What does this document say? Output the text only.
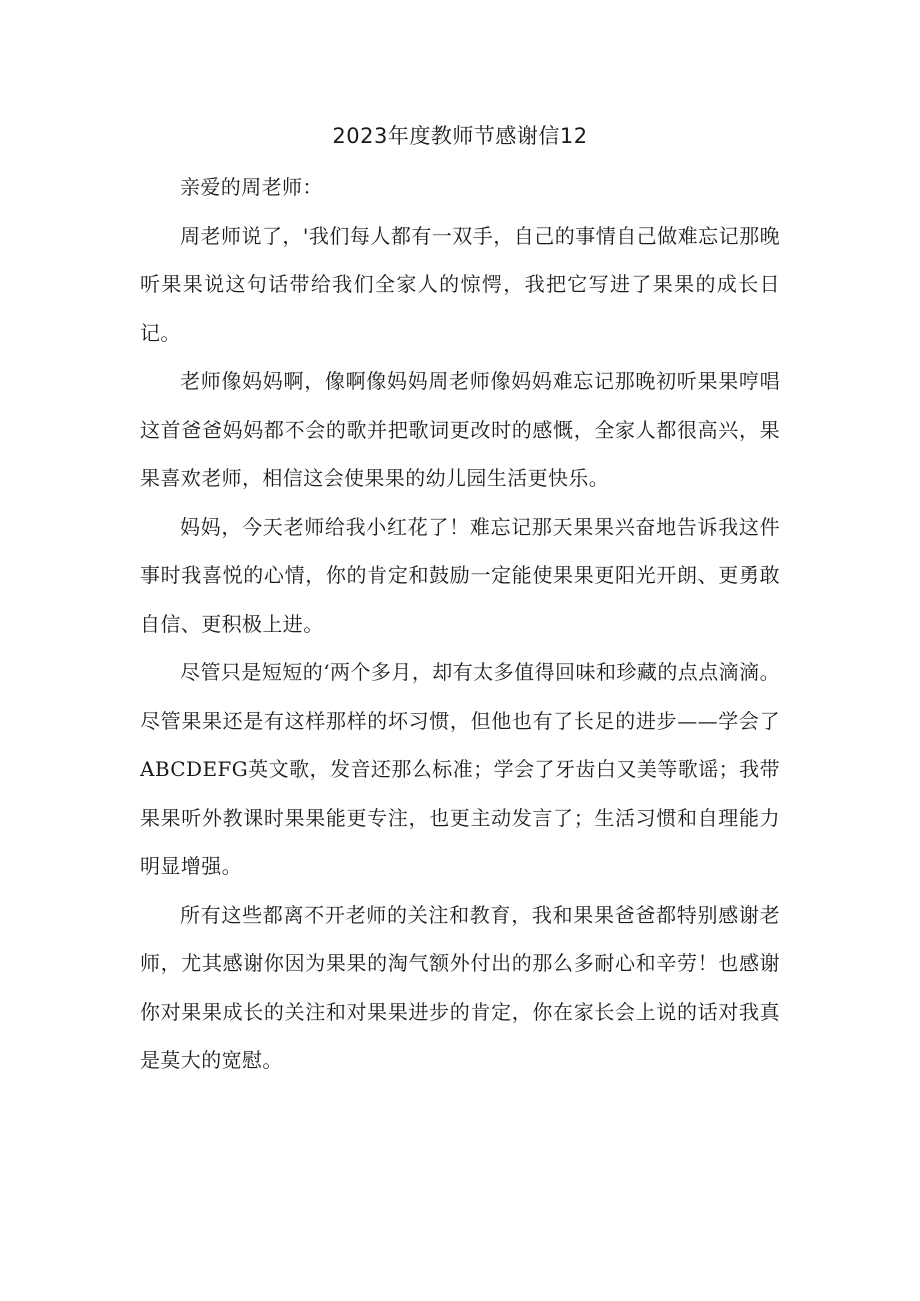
2023年度教师节感谢信12

亲爱的周老师：

周老师说了，'我们每人都有一双手，自己的事情自己做难忘记那晚听果果说这句话带给我们全家人的惊愕，我把它写进了果果的成长日记。

老师像妈妈啊，像啊像妈妈周老师像妈妈难忘记那晚初听果果哼唱这首爸爸妈妈都不会的歌并把歌词更改时的感慨，全家人都很高兴，果果喜欢老师，相信这会使果果的幼儿园生活更快乐。

妈妈，今天老师给我小红花了！难忘记那天果果兴奋地告诉我这件事时我喜悦的心情，你的肯定和鼓励一定能使果果更阳光开朗、更勇敢自信、更积极上进。

尽管只是短短的‘两个多月，却有太多值得回味和珍藏的点点滴滴。尽管果果还是有这样那样的坏习惯，但他也有了长足的进步——学会了ABCDEFG英文歌，发音还那么标准；学会了牙齿白又美等歌谣；我带果果听外教课时果果能更专注，也更主动发言了；生活习惯和自理能力明显增强。

所有这些都离不开老师的关注和教育，我和果果爸爸都特别感谢老师，尤其感谢你因为果果的淘气额外付出的那么多耐心和辛劳！也感谢你对果果成长的关注和对果果进步的肯定，你在家长会上说的话对我真是莫大的宽慰。
